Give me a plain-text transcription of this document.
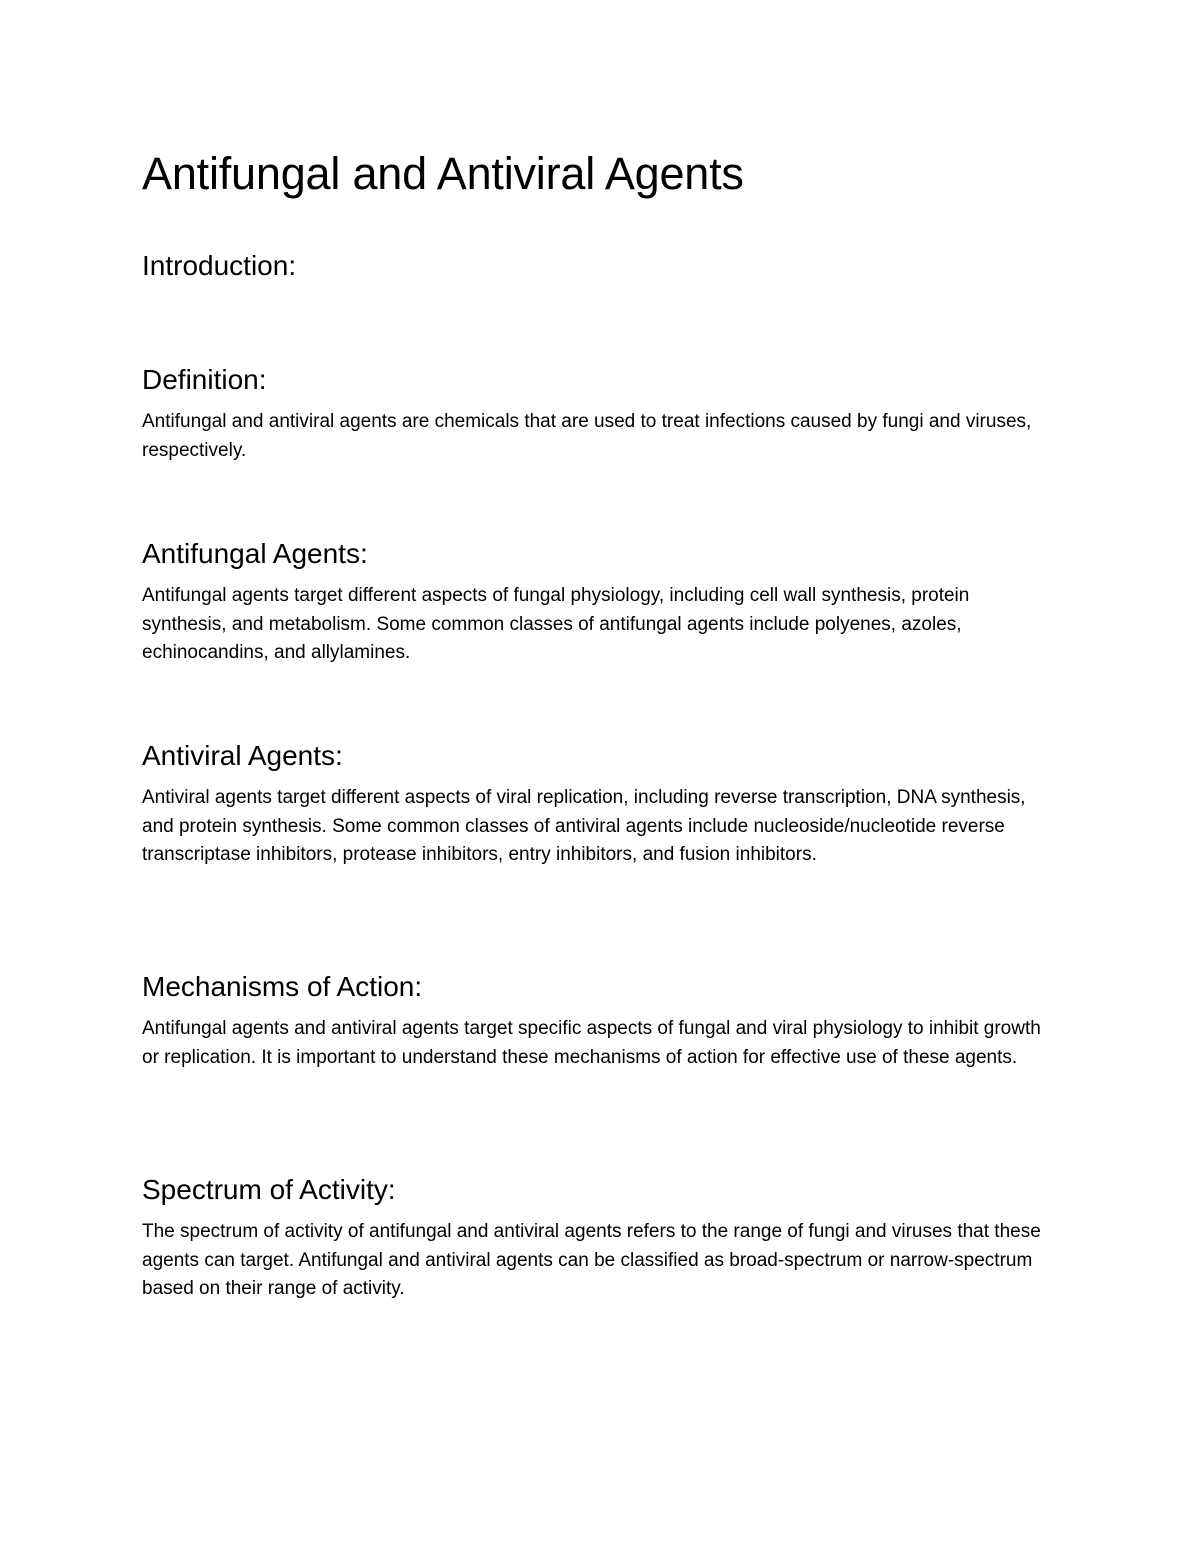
Antifungal and Antiviral Agents
Introduction:
Definition:

Antifungal and antiviral agents are chemicals that are used to treat infections caused by fungi and viruses, respectively.

Antifungal Agents:

Antifungal agents target different aspects of fungal physiology, including cell wall synthesis, protein synthesis, and metabolism. Some common classes of antifungal agents include polyenes, azoles, echinocandins, and allylamines.

Antiviral Agents:

Antiviral agents target different aspects of viral replication, including reverse transcription, DNA synthesis, and protein synthesis. Some common classes of antiviral agents include nucleoside/nucleotide reverse transcriptase inhibitors, protease inhibitors, entry inhibitors, and fusion inhibitors.

Mechanisms of Action:

Antifungal agents and antiviral agents target specific aspects of fungal and viral physiology to inhibit growth or replication. It is important to understand these mechanisms of action for effective use of these agents.

Spectrum of Activity:

The spectrum of activity of antifungal and antiviral agents refers to the range of fungi and viruses that these agents can target. Antifungal and antiviral agents can be classified as broad-spectrum or narrow-spectrum based on their range of activity.
